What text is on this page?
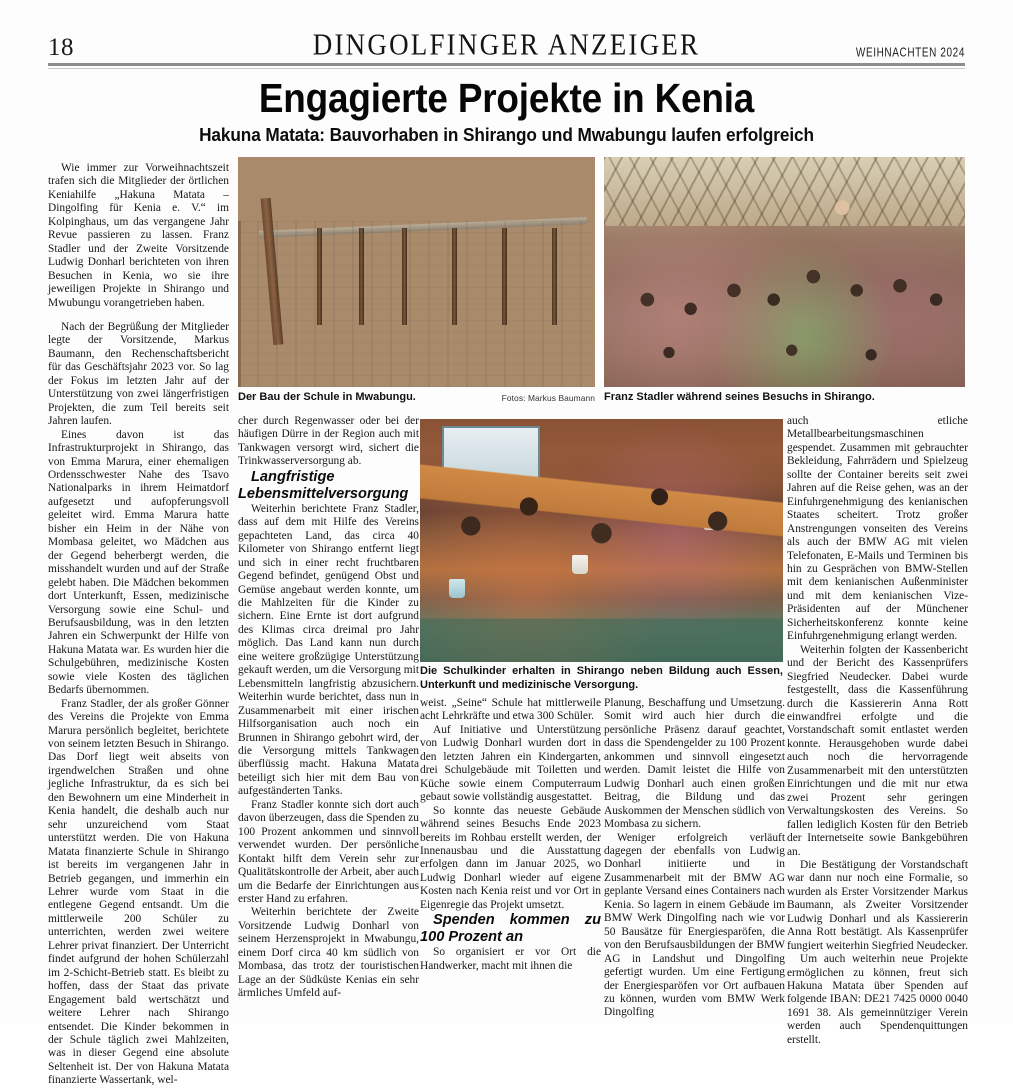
18	DINGOLFINGER ANZEIGER	WEIHNACHTEN 2024
Engagierte Projekte in Kenia
Hakuna Matata: Bauvorhaben in Shirango und Mwabungu laufen erfolgreich
Der Bau der Schule in Mwabungu.	Fotos: Markus Baumann Franz Stadler während seines Besuchs in Shirango.
Die Schulkinder erhalten in Shirango neben Bildung auch Essen, Unterkunft und medizinische Versorgung.

Wie immer zur Vorweihnachtszeit trafen sich die Mitglieder der örtlichen Keniahilfe „Hakuna Matata – Dingolfing für Kenia e. V.“ im Kolpinghaus, um das vergangene Jahr Revue passieren zu lassen. Franz Stadler und der Zweite Vorsitzende Ludwig Donharl berichteten von ihren Besuchen in Kenia, wo sie ihre jeweiligen Projekte in Shirango und Mwubungu vorangetrieben haben.

Nach der Begrüßung der Mitglieder legte der Vorsitzende, Markus Baumann, den Rechenschaftsbericht für das Geschäftsjahr 2023 vor. So lag der Fokus im letzten Jahr auf der Unterstützung von zwei längerfristigen Projekten, die zum Teil bereits seit Jahren laufen.

Eines davon ist das Infrastrukturprojekt in Shirango, das von Emma Marura, einer ehemaligen Ordensschwester Nahe des Tsavo Nationalparks in ihrem Heimatdorf aufgesetzt und aufopferungsvoll geleitet wird. Emma Marura hatte bisher ein Heim in der Nähe von Mombasa geleitet, wo Mädchen aus der Gegend beherbergt werden, die misshandelt wurden und auf der Straße gelebt haben. Die Mädchen bekommen dort Unterkunft, Essen, medizinische Versorgung sowie eine Schul- und Berufsausbildung, was in den letzten Jahren ein Schwerpunkt der Hilfe von Hakuna Matata war. Es wurden hier die Schulgebühren, medizinische Kosten sowie viele Kosten des täglichen Bedarfs übernommen.

Franz Stadler, der als großer Gönner des Vereins die Projekte von Emma Marura persönlich begleitet, berichtete von seinem letzten Besuch in Shirango. Das Dorf liegt weit abseits von irgendwelchen Straßen und ohne jegliche Infrastruktur, da es sich bei den Bewohnern um eine Minderheit in Kenia handelt, die deshalb auch nur sehr unzureichend vom Staat unterstützt werden. Die von Hakuna Matata finanzierte Schule in Shirango ist bereits im vergangenen Jahr in Betrieb gegangen, und immerhin ein Lehrer wurde vom Staat in die entlegene Gegend entsandt. Um die mittlerweile 200 Schüler zu unterrichten, werden zwei weitere Lehrer privat finanziert. Der Unterricht findet aufgrund der hohen Schülerzahl im 2-Schicht-Betrieb statt. Es bleibt zu hoffen, dass der Staat das private Engagement bald wertschätzt und weitere Lehrer nach Shirango entsendet. Die Kinder bekommen in der Schule täglich zwei Mahlzeiten, was in dieser Gegend eine absolute Seltenheit ist. Der von Hakuna Matata finanzierte Wassertank, wel-

cher durch Regenwasser oder bei der häufigen Dürre in der Region auch mit Tankwagen versorgt wird, sichert die Trinkwasserversorgung ab.

Langfristige Lebensmittelversorgung

Weiterhin berichtete Franz Stadler, dass auf dem mit Hilfe des Vereins gepachteten Land, das circa 40 Kilometer von Shirango entfernt liegt und sich in einer recht fruchtbaren Gegend befindet, genügend Obst und Gemüse angebaut werden konnte, um die Mahlzeiten für die Kinder zu sichern. Eine Ernte ist dort aufgrund des Klimas circa dreimal pro Jahr möglich. Das Land kann nun durch eine weitere großzügige Unterstützung gekauft werden, um die Versorgung mit Lebensmitteln langfristig abzusichern. Weiterhin wurde berichtet, dass nun in Zusammenarbeit mit einer irischen Hilfsorganisation auch noch ein Brunnen in Shirango gebohrt wird, der die Versorgung mittels Tankwagen überflüssig macht. Hakuna Matata beteiligt sich hier mit dem Bau von aufgeständerten Tanks.

Franz Stadler konnte sich dort auch davon überzeugen, dass die Spenden zu 100 Prozent ankommen und sinnvoll verwendet wurden. Der persönliche Kontakt hilft dem Verein sehr zur Qualitätskontrolle der Arbeit, aber auch um die Bedarfe der Einrichtungen aus erster Hand zu erfahren.

Weiterhin berichtete der Zweite Vorsitzende Ludwig Donharl von seinem Herzensprojekt in Mwabungu, einem Dorf circa 40 km südlich von Mombasa, das trotz der touristischen Lage an der Südküste Kenias ein sehr ärmliches Umfeld auf-

weist. „Seine“ Schule hat mittlerweile acht Lehrkräfte und etwa 300 Schüler.

Auf Initiative und Unterstützung von Ludwig Donharl wurden dort in den letzten Jahren ein Kindergarten, drei Schulgebäude mit Toiletten und Küche sowie einem Computerraum gebaut sowie vollständig ausgestattet.

So konnte das neueste Gebäude während seines Besuchs Ende 2023 bereits im Rohbau erstellt werden, der Innenausbau und die Ausstattung erfolgen dann im Januar 2025, wo Ludwig Donharl wieder auf eigene Kosten nach Kenia reist und vor Ort in Eigenregie das Projekt umsetzt.

Spenden kommen zu 100 Prozent an

So organisiert er vor Ort die Handwerker, macht mit ihnen die

Planung, Beschaffung und Umsetzung. Somit wird auch hier durch die persönliche Präsenz darauf geachtet, dass die Spendengelder zu 100 Prozent ankommen und sinnvoll eingesetzt werden. Damit leistet die Hilfe von Ludwig Donharl auch einen großen Beitrag, die Bildung und das Auskommen der Menschen südlich von Mombasa zu sichern.

Weniger erfolgreich verläuft dagegen der ebenfalls von Ludwig Donharl initiierte und in Zusammenarbeit mit der BMW AG geplante Versand eines Containers nach Kenia. So lagern in einem Gebäude im BMW Werk Dingolfing nach wie vor 50 Bausätze für Energiesparöfen, die von den Berufsausbildungen der BMW AG in Landshut und Dingolfing gefertigt wurden. Um eine Fertigung der Energiesparöfen vor Ort aufbauen zu können, wurden vom BMW Werk Dingolfing

auch etliche Metallbearbeitungsmaschinen gespendet. Zusammen mit gebrauchter Bekleidung, Fahrrädern und Spielzeug sollte der Container bereits seit zwei Jahren auf die Reise gehen, was an der Einfuhrgenehmigung des kenianischen Staates scheitert. Trotz großer Anstrengungen vonseiten des Vereins als auch der BMW AG mit vielen Telefonaten, E-Mails und Terminen bis hin zu Gesprächen von BMW-Stellen mit dem kenianischen Außenminister und mit dem kenianischen Vize-Präsidenten auf der Münchener Sicherheitskonferenz konnte keine Einfuhrgenehmigung erlangt werden.

Weiterhin folgten der Kassenbericht und der Bericht des Kassenprüfers Siegfried Neudecker. Dabei wurde festgestellt, dass die Kassenführung durch die Kassiererin Anna Rott einwandfrei erfolgte und die Vorstandschaft somit entlastet werden konnte. Herausgehoben wurde dabei auch noch die hervorragende Zusammenarbeit mit den unterstützten Einrichtungen und die mit nur etwa zwei Prozent sehr geringen Verwaltungskosten des Vereins. So fallen lediglich Kosten für den Betrieb der Internetseite sowie Bankgebühren an.

Die Bestätigung der Vorstandschaft war dann nur noch eine Formalie, so wurden als Erster Vorsitzender Markus Baumann, als Zweiter Vorsitzender Ludwig Donharl und als Kassiererin Anna Rott bestätigt. Als Kassenprüfer fungiert weiterhin Siegfried Neudecker.

Um auch weiterhin neue Projekte ermöglichen zu können, freut sich Hakuna Matata über Spenden auf folgende IBAN: DE21 7425 0000 0040 1691 38. Als gemeinnütziger Verein werden auch Spendenquittungen erstellt.
